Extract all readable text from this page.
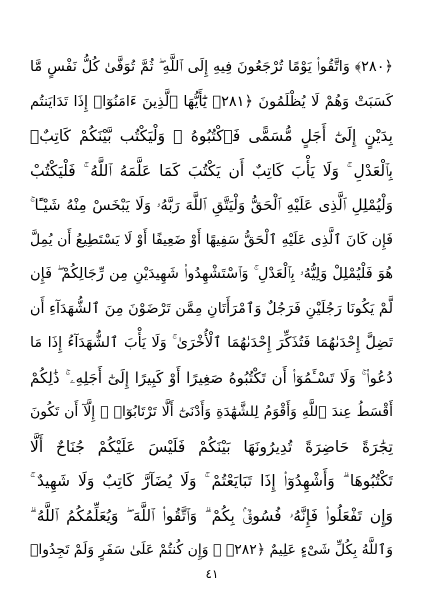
﴿٢٨٠﴾ وَاتَّقُوا۟ يَوْمًا تُرْجَعُونَ فِيهِ إِلَى ٱللَّهِ ۖ ثُمَّ تُوَفَّىٰ كُلُّ نَفْسٍ مَّا
كَسَبَتْ وَهُمْ لَا يُظْلَمُونَ ﴿٢٨١﴾ يَٰٓأَيُّهَا ٱلَّذِينَ ءَامَنُوٓا۟ إِذَا تَدَايَنتُم
بِدَيْنٍ إِلَىٰٓ أَجَلٍ مُّسَمًّى فَٱكْتُبُوهُ ۚ وَلْيَكْتُب بَّيْنَكُمْ كَاتِبٌۢ
بِٱلْعَدْلِ ۚ وَلَا يَأْبَ كَاتِبٌ أَن يَكْتُبَ كَمَا عَلَّمَهُ ٱللَّهُ ۚ فَلْيَكْتُبْ
وَلْيُمْلِلِ ٱلَّذِى عَلَيْهِ ٱلْحَقُّ وَلْيَتَّقِ ٱللَّهَ رَبَّهُۥ وَلَا يَبْخَسْ مِنْهُ شَيْـًٔا ۚ
فَإِن كَانَ ٱلَّذِى عَلَيْهِ ٱلْحَقُّ سَفِيهًا أَوْ ضَعِيفًا أَوْ لَا يَسْتَطِيعُ أَن يُمِلَّ
هُوَ فَلْيُمْلِلْ وَلِيُّهُۥ بِٱلْعَدْلِ ۚ وَٱسْتَشْهِدُوا۟ شَهِيدَيْنِ مِن رِّجَالِكُمْ ۖ فَإِن
لَّمْ يَكُونَا رَجُلَيْنِ فَرَجُلٌ وَٱمْرَأَتَانِ مِمَّن تَرْضَوْنَ مِنَ ٱلشُّهَدَآءِ أَن
تَضِلَّ إِحْدَىٰهُمَا فَتُذَكِّرَ إِحْدَىٰهُمَا ٱلْأُخْرَىٰ ۚ وَلَا يَأْبَ ٱلشُّهَدَآءُ إِذَا مَا
دُعُوا۟ ۚ وَلَا تَسْـَٔمُوٓا۟ أَن تَكْتُبُوهُ صَغِيرًا أَوْ كَبِيرًا إِلَىٰٓ أَجَلِهِۦ ۚ ذَٰلِكُمْ
أَقْسَطُ عِندَ ٱللَّهِ وَأَقْوَمُ لِلشَّهَٰدَةِ وَأَدْنَىٰٓ أَلَّا تَرْتَابُوٓا۟ ۖ إِلَّآ أَن تَكُونَ
تِجَٰرَةً حَاضِرَةً تُدِيرُونَهَا بَيْنَكُمْ فَلَيْسَ عَلَيْكُمْ جُنَاحٌ أَلَّا
تَكْتُبُوهَا ۗ وَأَشْهِدُوٓا۟ إِذَا تَبَايَعْتُمْ ۚ وَلَا يُضَآرَّ كَاتِبٌ وَلَا شَهِيدٌ ۚ
وَإِن تَفْعَلُوا۟ فَإِنَّهُۥ فُسُوقٌۢ بِكُمْ ۗ وَٱتَّقُوا۟ ٱللَّهَ ۖ وَيُعَلِّمُكُمُ ٱللَّهُ ۗ
وَٱللَّهُ بِكُلِّ شَىْءٍ عَلِيمٌ ﴿٢٨٢﴾ ۞ وَإِن كُنتُمْ عَلَىٰ سَفَرٍ وَلَمْ تَجِدُوا۟
٤١
